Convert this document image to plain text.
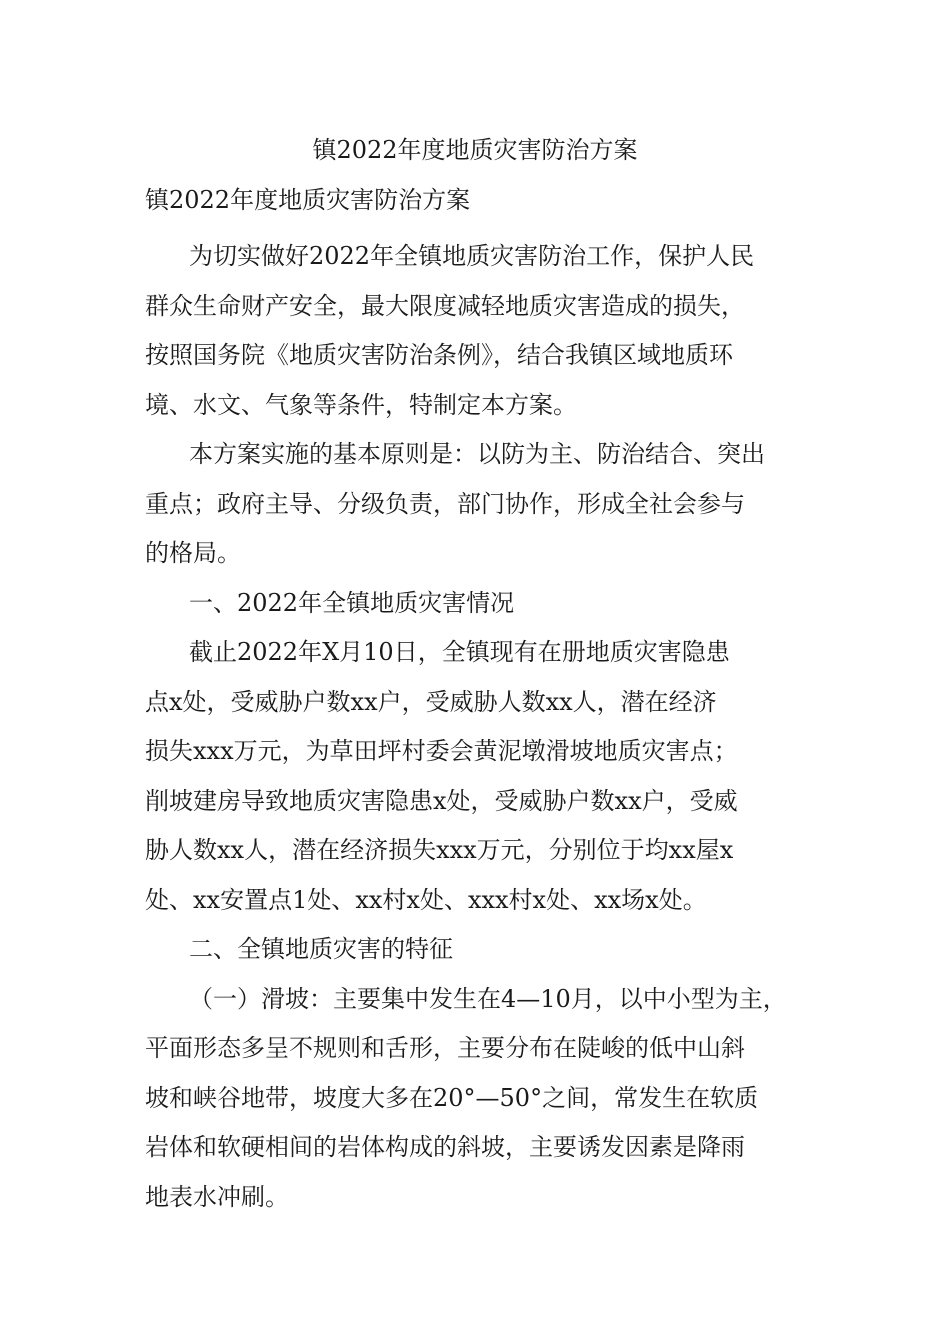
镇2022年度地质灾害防治方案

镇2022年度地质灾害防治方案

为切实做好2022年全镇地质灾害防治工作，保护人民
群众生命财产安全，最大限度减轻地质灾害造成的损失，
按照国务院《地质灾害防治条例》，结合我镇区域地质环
境、水文、气象等条件，特制定本方案。

本方案实施的基本原则是：以防为主、防治结合、突出
重点；政府主导、分级负责，部门协作，形成全社会参与
的格局。

一、2022年全镇地质灾害情况

截止2022年X月10日，全镇现有在册地质灾害隐患
点x处，受威胁户数xx户，受威胁人数xx人，潜在经济
损失xxx万元，为草田坪村委会黄泥墩滑坡地质灾害点；
削坡建房导致地质灾害隐患x处，受威胁户数xx户，受威
胁人数xx人，潜在经济损失xxx万元，分别位于均xx屋x
处、xx安置点1处、xx村x处、xxx村x处、xx场x处。

二、全镇地质灾害的特征

（一）滑坡：主要集中发生在4—10月，以中小型为主，
平面形态多呈不规则和舌形，主要分布在陡峻的低中山斜
坡和峡谷地带，坡度大多在20°—50°之间，常发生在软质
岩体和软硬相间的岩体构成的斜坡，主要诱发因素是降雨
地表水冲刷。
